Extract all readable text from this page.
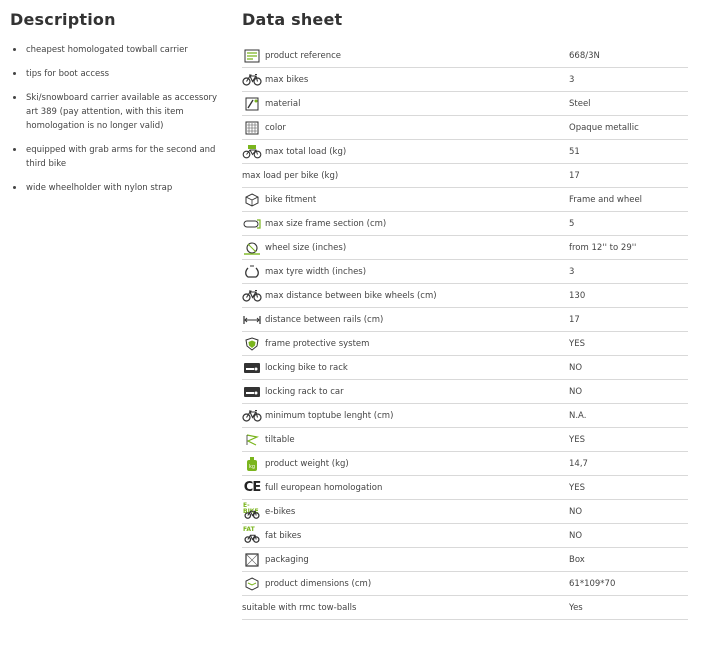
Description
cheapest homologated towball carrier
tips for boot access
Ski/snowboard carrier available as accessory art 389 (pay attention, with this item homologation is no longer valid)
equipped with grab arms for the second and third bike
wide wheelholder with nylon strap
Data sheet
product reference	668/3N
max bikes	3
material	Steel
color	Opaque metallic
max total load (kg)	51
max load per bike (kg)	17
bike fitment	Frame and wheel
max size frame section (cm)	5
wheel size (inches)	from 12'' to 29''
max tyre width (inches)	3
max distance between bike wheels (cm)	130
distance between rails (cm)	17
frame protective system	YES
locking bike to rack	NO
locking rack to car	NO
minimum toptube lenght (cm)	N.A.
tiltable	YES
kg product weight (kg)	14,7
CE full european homologation	YES
E-BIKE e-bikes	NO
FAT
fat bikes	NO
packaging	Box
product dimensions (cm)	61*109*70
suitable with rmc tow-balls	Yes
